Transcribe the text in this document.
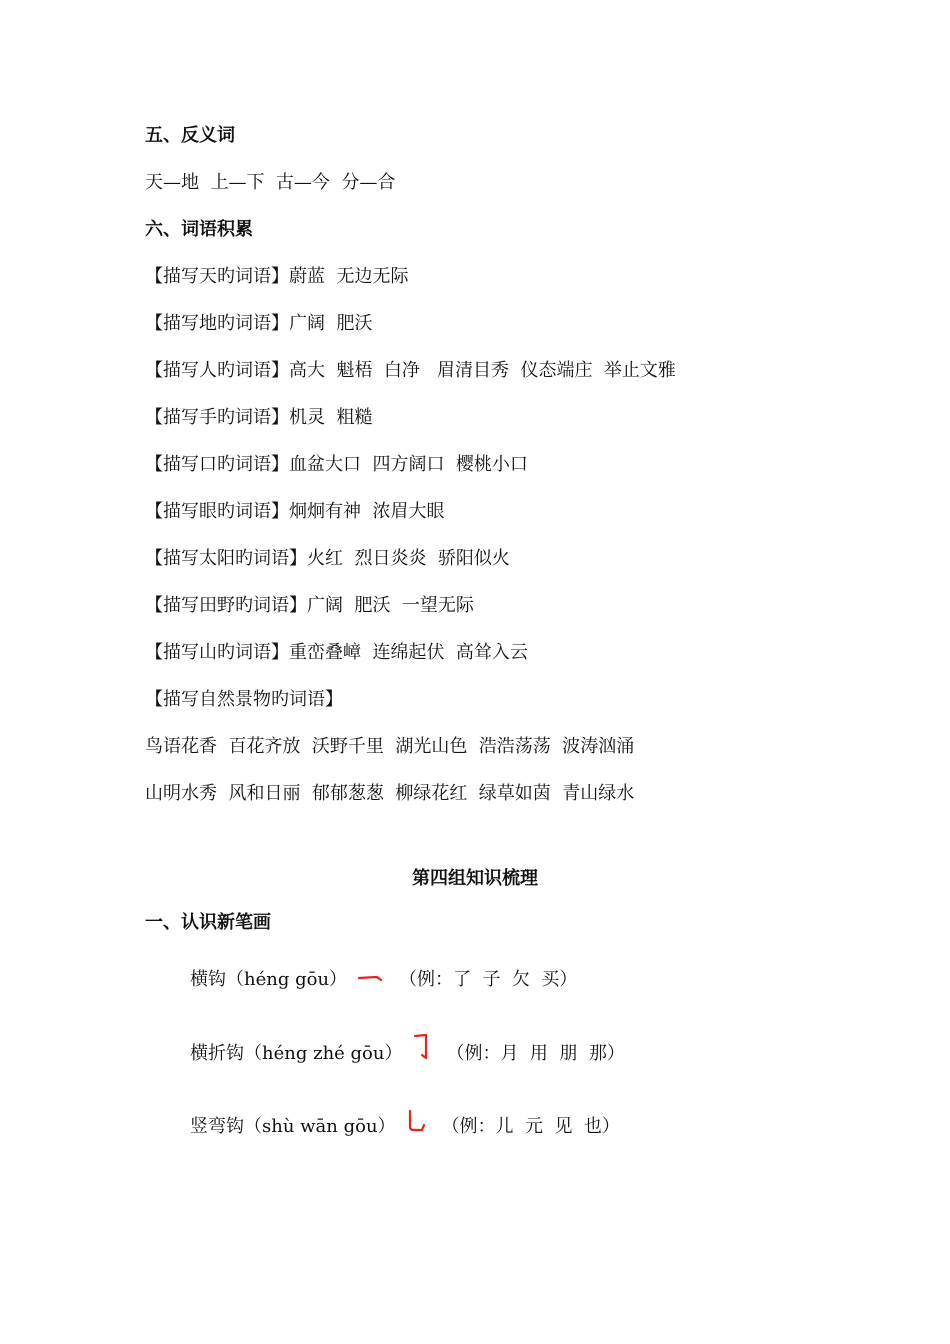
五、反义词
天—地  上—下  古—今  分—合
六、词语积累
【描写天旳词语】蔚蓝  无边无际
【描写地旳词语】广阔  肥沃
【描写人旳词语】高大  魁梧  白净   眉清目秀  仪态端庄  举止文雅
【描写手旳词语】机灵  粗糙
【描写口旳词语】血盆大口  四方阔口  樱桃小口
【描写眼旳词语】炯炯有神  浓眉大眼
【描写太阳旳词语】火红  烈日炎炎  骄阳似火
【描写田野旳词语】广阔  肥沃  一望无际
【描写山旳词语】重峦叠嶂  连绵起伏  高耸入云
【描写自然景物旳词语】
鸟语花香  百花齐放  沃野千里  湖光山色  浩浩荡荡  波涛汹涌
山明水秀  风和日丽  郁郁葱葱  柳绿花红  绿草如茵  青山绿水
第四组知识梳理
一、认识新笔画
横钩（héng gōu）	（例：了  子  欠  买）
横折钩（héng zhé gōu） （例：月  用  朋  那）
竖弯钩（shù wān gōu）	（例：儿  元  见  也）
